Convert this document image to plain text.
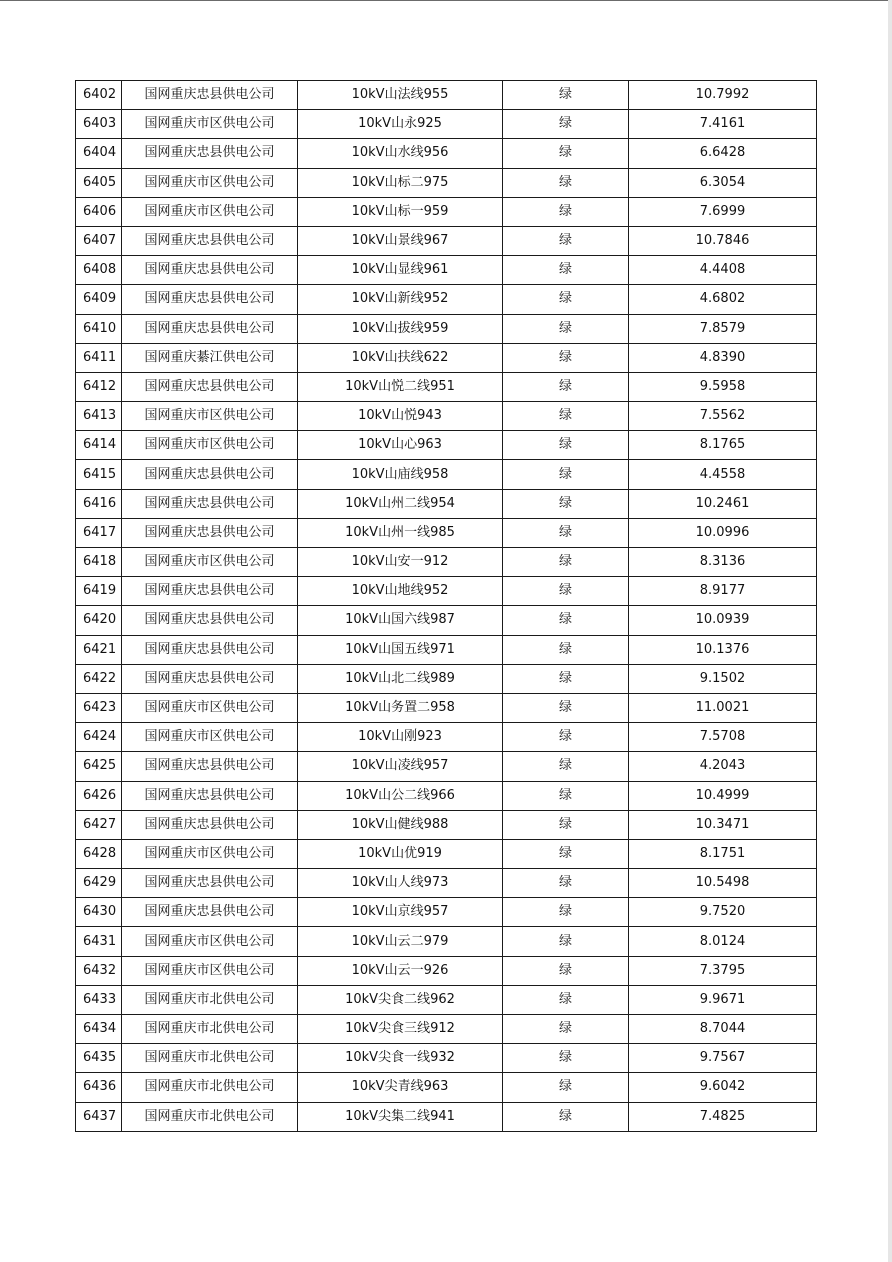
6402	国网重庆忠县供电公司	10kV山法线955	绿	10.7992
6403	国网重庆市区供电公司	10kV山永925	绿	7.4161
6404	国网重庆忠县供电公司	10kV山水线956	绿	6.6428
6405	国网重庆市区供电公司	10kV山标二975	绿	6.3054
6406	国网重庆市区供电公司	10kV山标一959	绿	7.6999
6407	国网重庆忠县供电公司	10kV山景线967	绿	10.7846
6408	国网重庆忠县供电公司	10kV山显线961	绿	4.4408
6409	国网重庆忠县供电公司	10kV山新线952	绿	4.6802
6410	国网重庆忠县供电公司	10kV山拔线959	绿	7.8579
6411	国网重庆綦江供电公司	10kV山扶线622	绿	4.8390
6412	国网重庆忠县供电公司	10kV山悦二线951	绿	9.5958
6413	国网重庆市区供电公司	10kV山悦943	绿	7.5562
6414	国网重庆市区供电公司	10kV山心963	绿	8.1765
6415	国网重庆忠县供电公司	10kV山庙线958	绿	4.4558
6416	国网重庆忠县供电公司	10kV山州二线954	绿	10.2461
6417	国网重庆忠县供电公司	10kV山州一线985	绿	10.0996
6418	国网重庆市区供电公司	10kV山安一912	绿	8.3136
6419	国网重庆忠县供电公司	10kV山地线952	绿	8.9177
6420	国网重庆忠县供电公司	10kV山国六线987	绿	10.0939
6421	国网重庆忠县供电公司	10kV山国五线971	绿	10.1376
6422	国网重庆忠县供电公司	10kV山北二线989	绿	9.1502
6423	国网重庆市区供电公司	10kV山务置二958	绿	11.0021
6424	国网重庆市区供电公司	10kV山刚923	绿	7.5708
6425	国网重庆忠县供电公司	10kV山凌线957	绿	4.2043
6426	国网重庆忠县供电公司	10kV山公二线966	绿	10.4999
6427	国网重庆忠县供电公司	10kV山健线988	绿	10.3471
6428	国网重庆市区供电公司	10kV山优919	绿	8.1751
6429	国网重庆忠县供电公司	10kV山人线973	绿	10.5498
6430	国网重庆忠县供电公司	10kV山京线957	绿	9.7520
6431	国网重庆市区供电公司	10kV山云二979	绿	8.0124
6432	国网重庆市区供电公司	10kV山云一926	绿	7.3795
6433	国网重庆市北供电公司	10kV尖食二线962	绿	9.9671
6434	国网重庆市北供电公司	10kV尖食三线912	绿	8.7044
6435	国网重庆市北供电公司	10kV尖食一线932	绿	9.7567
6436	国网重庆市北供电公司	10kV尖青线963	绿	9.6042
6437	国网重庆市北供电公司	10kV尖集二线941	绿	7.4825
